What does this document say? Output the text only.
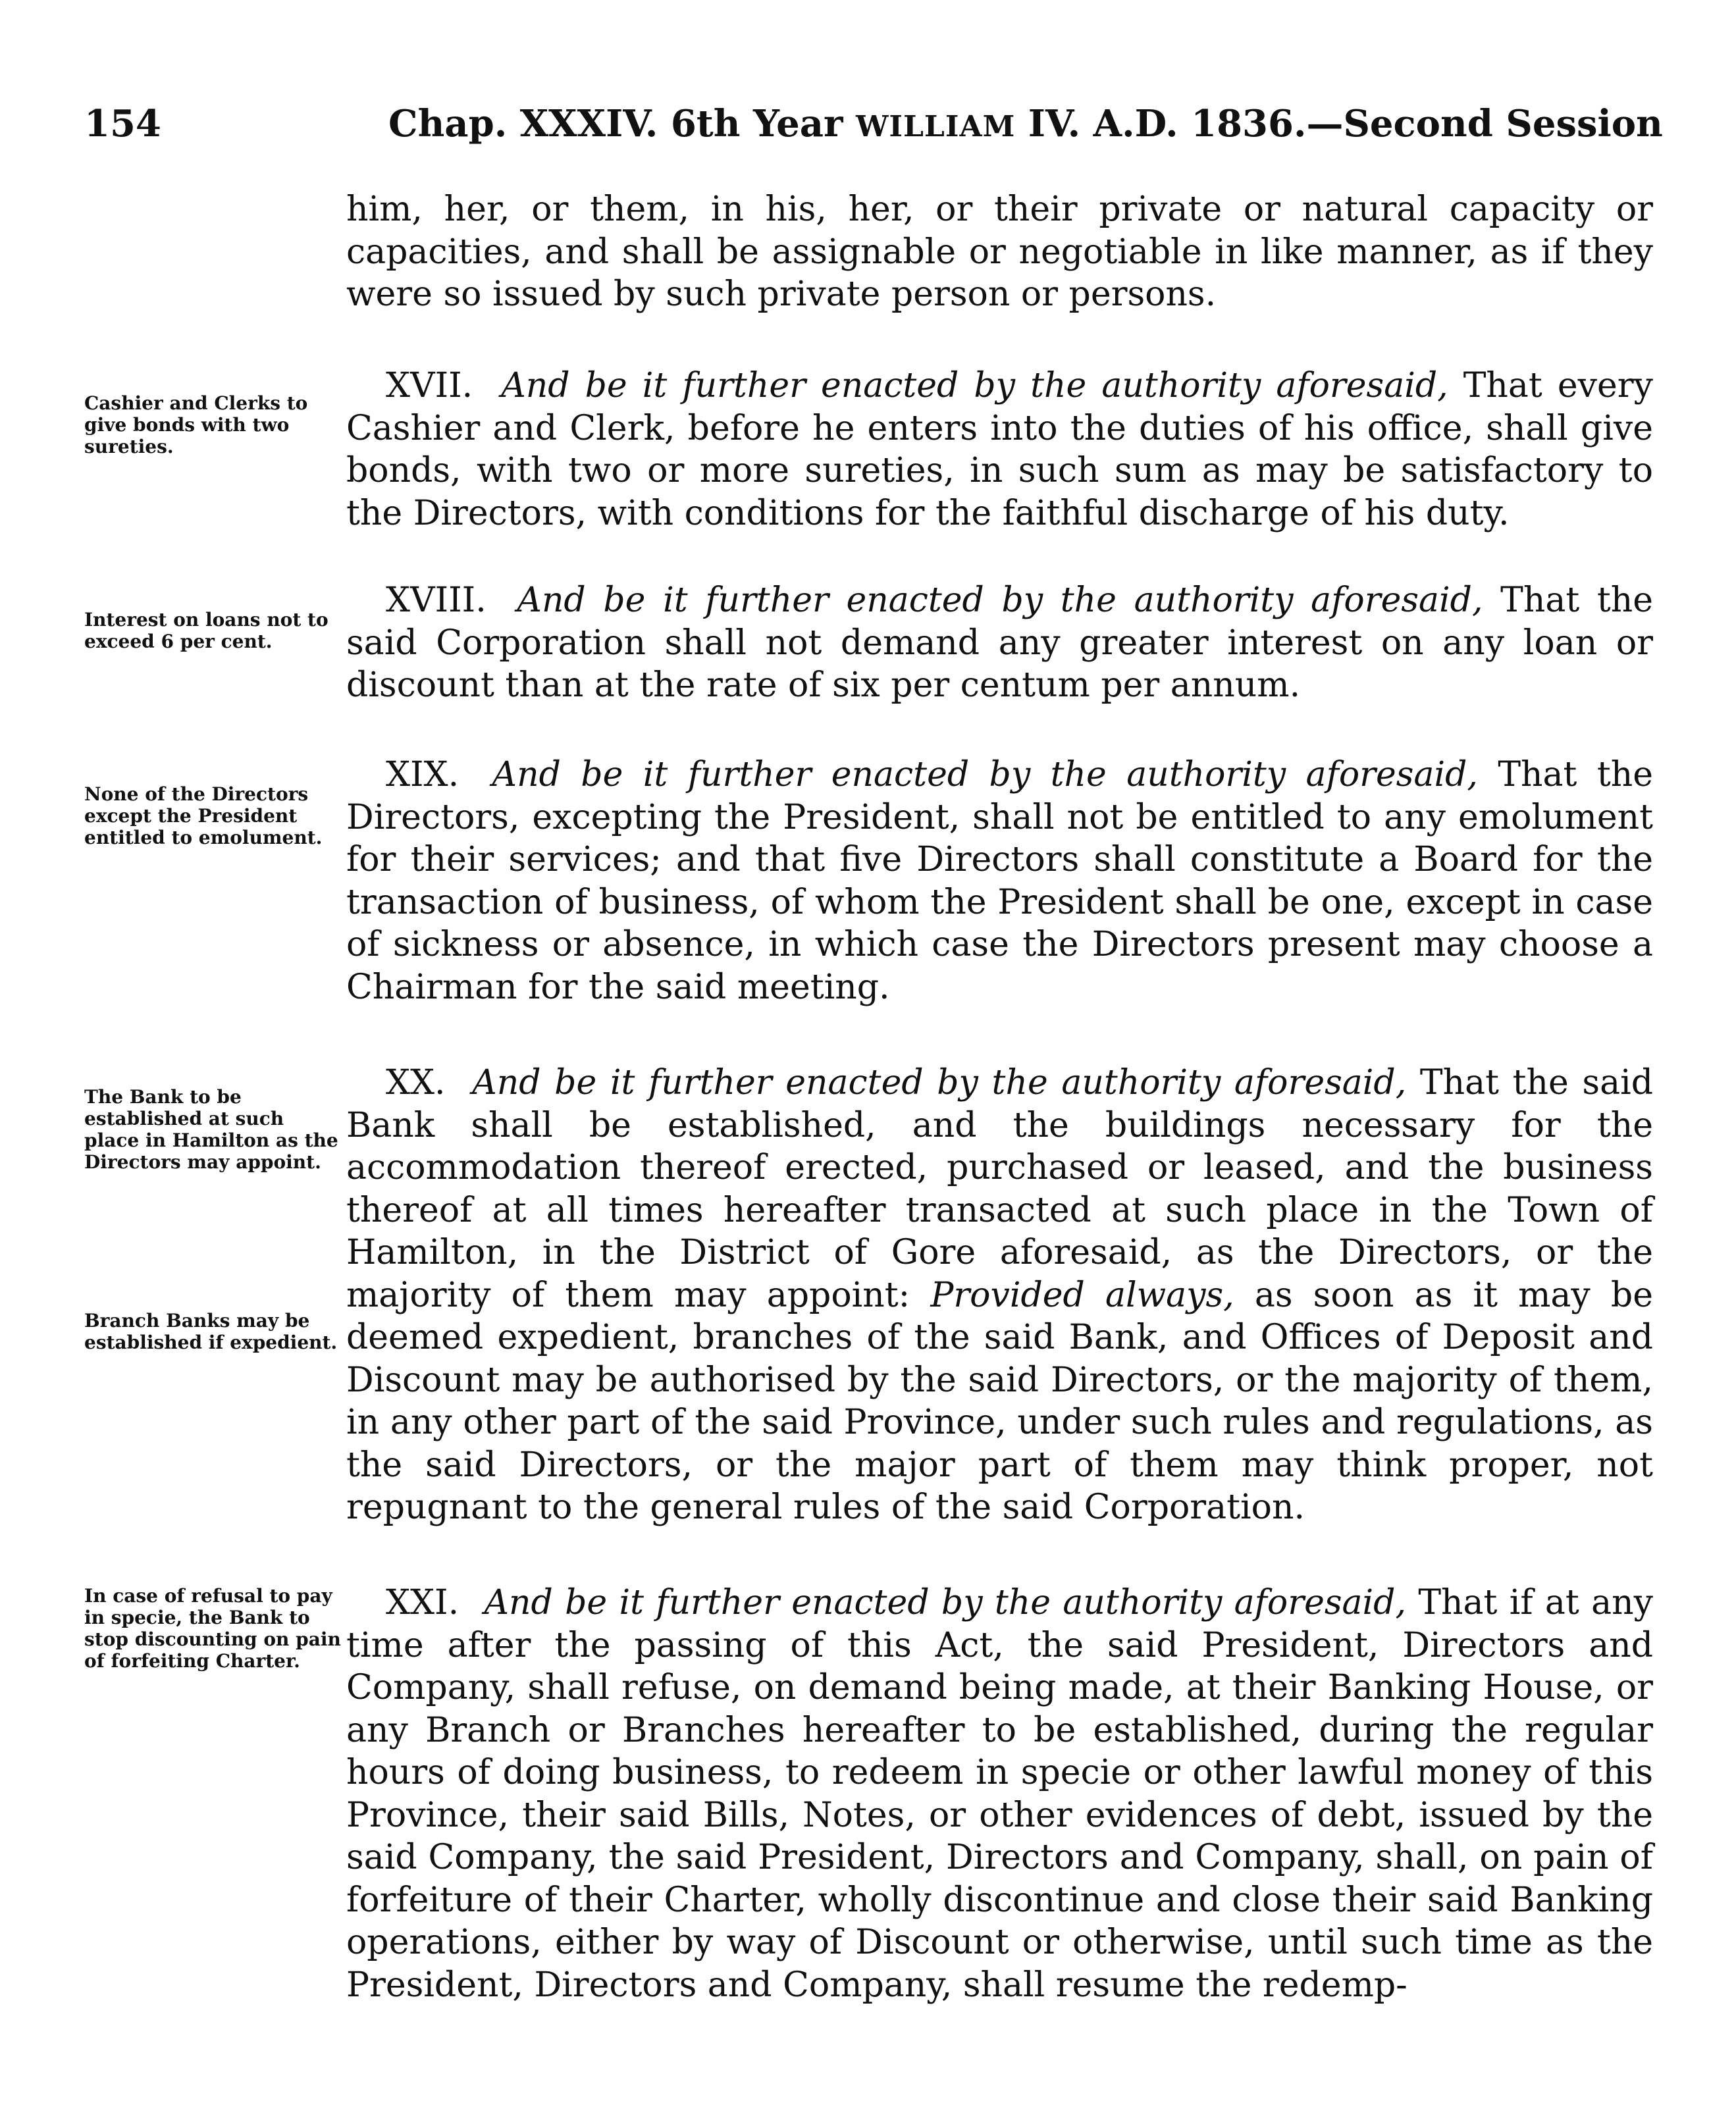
154	Chap. XXXIV. 6th Year WILLIAM IV. A.D. 1836.—Second Session

him, her, or them, in his, her, or their private or natural capacity or capacities, and shall be assignable or negotiable in like manner, as if they were so issued by such private person or persons.

Cashier and Clerks to give bonds with two sureties.

XVII. And be it further enacted by the authority aforesaid, That every Cashier and Clerk, before he enters into the duties of his office, shall give bonds, with two or more sureties, in such sum as may be satisfactory to the Directors, with conditions for the faithful discharge of his duty.

Interest on loans not to exceed 6 per cent.

XVIII. And be it further enacted by the authority aforesaid, That the said Corporation shall not demand any greater interest on any loan or discount than at the rate of six per centum per annum.

None of the Directors except the President entitled to emolument.

XIX. And be it further enacted by the authority aforesaid, That the Directors, excepting the President, shall not be entitled to any emolument for their services; and that five Directors shall constitute a Board for the transaction of business, of whom the President shall be one, except in case of sickness or absence, in which case the Directors present may choose a Chairman for the said meeting.

The Bank to be established at such place in Hamilton as the Directors may appoint.
Branch Banks may be established if expedient.

XX. And be it further enacted by the authority aforesaid, That the said Bank shall be established, and the buildings necessary for the accommodation thereof erected, purchased or leased, and the business thereof at all times hereafter transacted at such place in the Town of Hamilton, in the District of Gore aforesaid, as the Directors, or the majority of them may appoint: Provided always, as soon as it may be deemed expedient, branches of the said Bank, and Offices of Deposit and Discount may be authorised by the said Directors, or the majority of them, in any other part of the said Province, under such rules and regulations, as the said Directors, or the major part of them may think proper, not repugnant to the general rules of the said Corporation.

In case of refusal to pay in specie, the Bank to stop discounting on pain of forfeiting Charter.

XXI. And be it further enacted by the authority aforesaid, That if at any time after the passing of this Act, the said President, Directors and Company, shall refuse, on demand being made, at their Banking House, or any Branch or Branches hereafter to be established, during the regular hours of doing business, to redeem in specie or other lawful money of this Province, their said Bills, Notes, or other evidences of debt, issued by the said Company, the said President, Directors and Company, shall, on pain of forfeiture of their Charter, wholly discontinue and close their said Banking operations, either by way of Discount or otherwise, until such time as the President, Directors and Company, shall resume the redemp-
